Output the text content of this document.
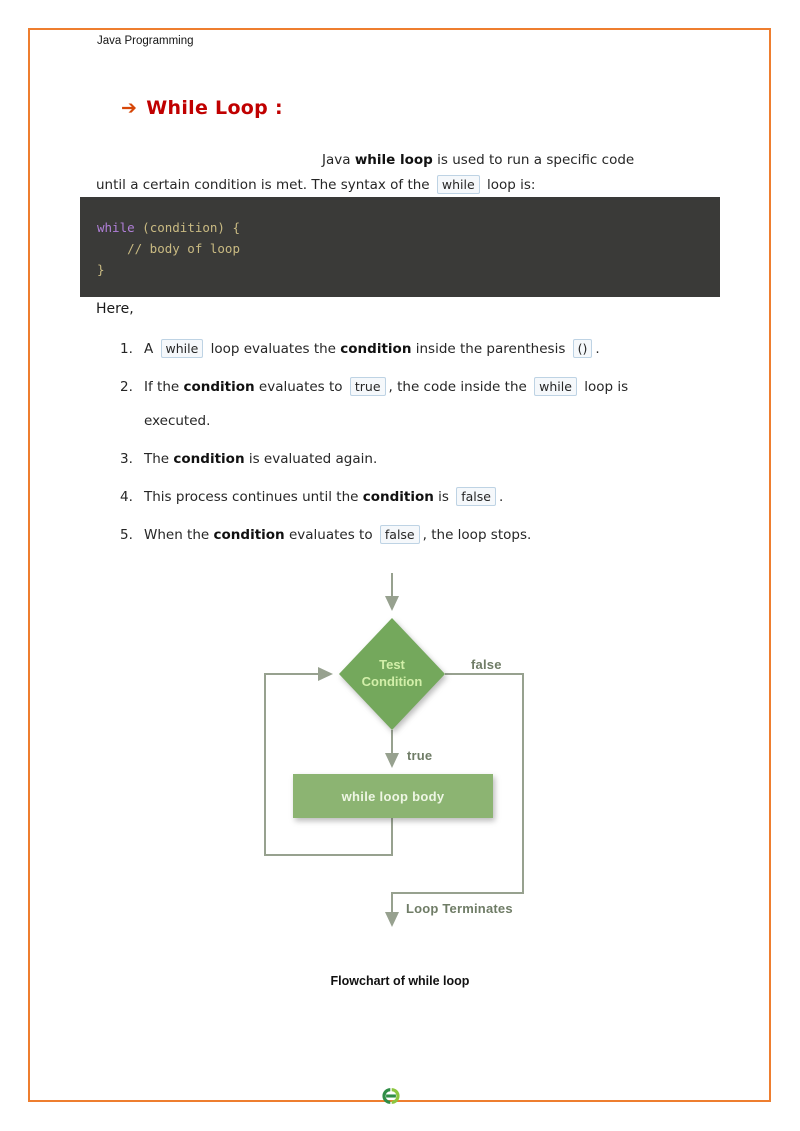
Java Programming
➔ While Loop :

Java while loop is used to run a specific code
until a certain condition is met. The syntax of the while loop is:

while (condition) {
// body of loop
}
Here,
1. A while loop evaluates the condition inside the parenthesis () .
2. If the condition evaluates to true , the code inside the while loop is
executed.
3. The condition is evaluated again.
4. This process continues until the condition is false .
5. When the condition evaluates to false , the loop stops.
Test
Condition
while loop body
false
true
Loop Terminates
Flowchart of while loop
